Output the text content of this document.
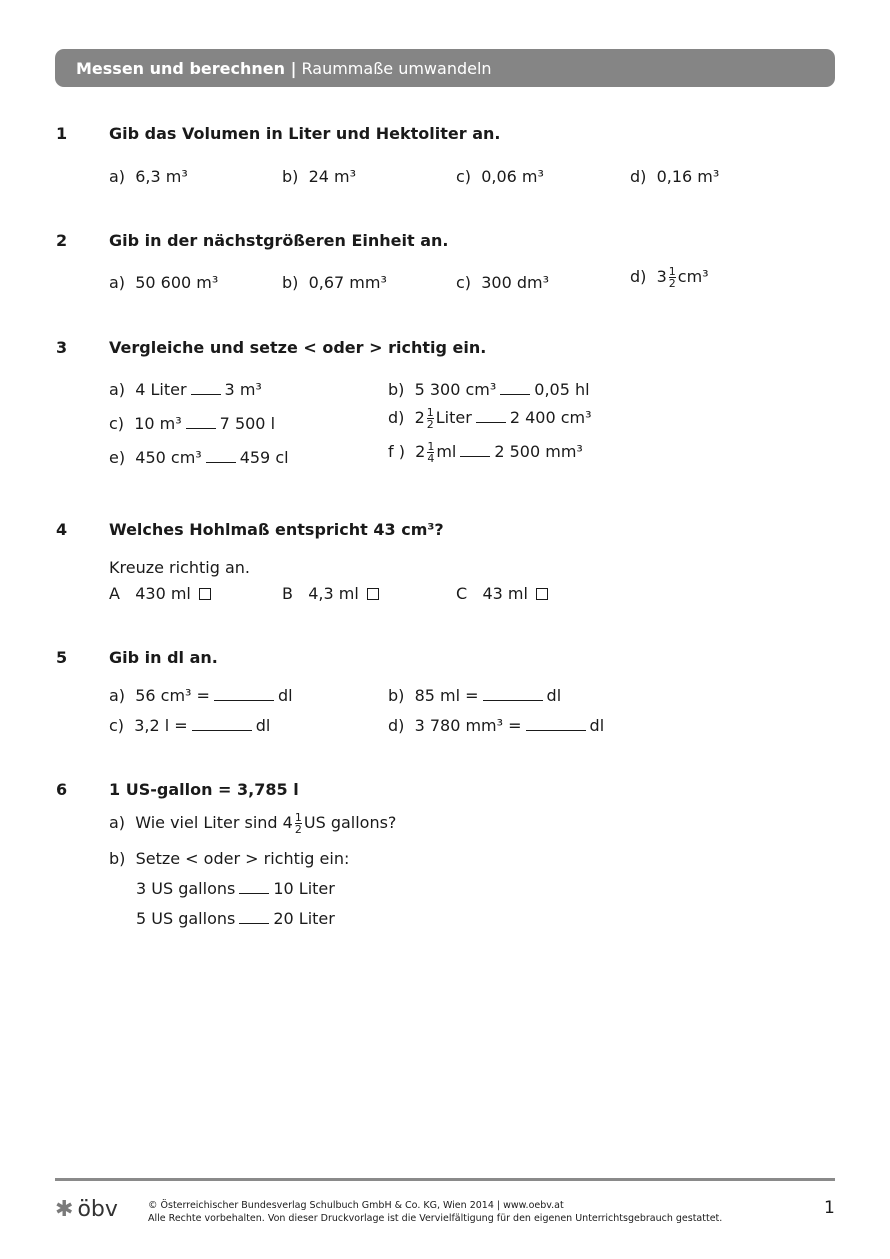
Messen und berechnen | Raummaße umwandeln
1	Gib das Volumen in Liter und Hektoliter an.
a) 6,3 m³	b) 24 m³	c) 0,06 m³	d) 0,16 m³
2	Gib in der nächstgrößeren Einheit an.
a) 50 600 m³	b) 0,67 mm³	c) 300 dm³	d) $3 \frac{1}{2} cm^3$
3	Vergleiche und setze < oder > richtig ein.
a) 4 Liter 3 m³	b) 5 300 cm³ 0,05 hl
c) 10 m³ 7 500 l	d) $2 \frac{1}{2}$ Liter 2 400 cm³
e) 450 cm³ 459 cl	f ) $2 \frac{1}{4}$ ml 2 500 mm³
4	Welches Hohlmaß entspricht 43 cm³?
Kreuze richtig an.
A 430 ml	B 4,3 ml	C 43 ml
5	Gib in dl an.
a) 56 cm³ =	dl	b) 85 ml =	dl
c) 3,2 l =	dl	d) 3 780 mm³ =	dl
6	1 US-gallon = 3,785 l
a) Wie viel Liter sind $4 \frac{1}{2}$ US gallons?
b) Setze < oder > richtig ein:
3 US gallons 10 Liter
5 US gallons 20 Liter
✱ öbv	© Österreichischer Bundesverlag Schulbuch GmbH & Co. KG, Wien 2014 | www.oebv.at
Alle Rechte vorbehalten. Von dieser Druckvorlage ist die Vervielfältigung für den eigenen Unterrichtsgebrauch gestattet.
1
